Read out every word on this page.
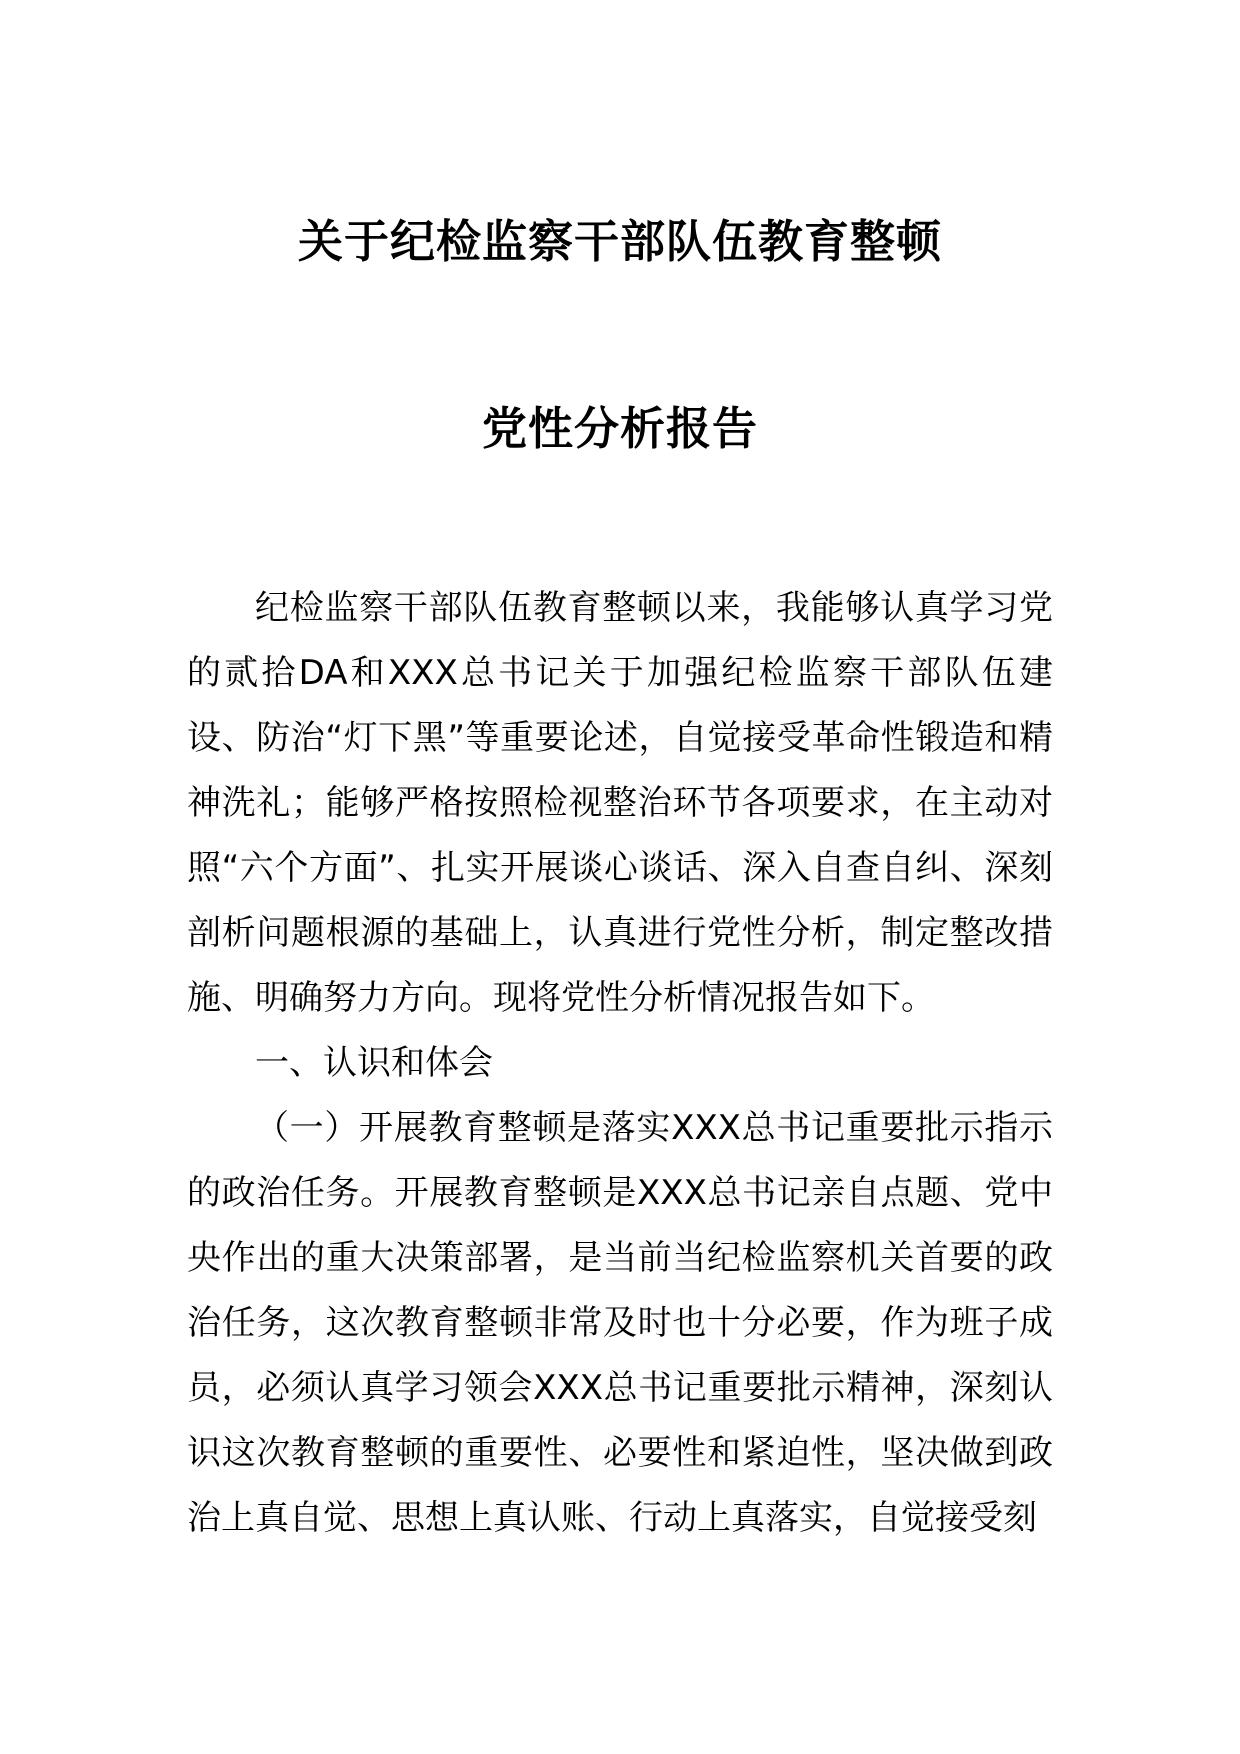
关于纪检监察干部队伍教育整顿
党性分析报告

纪检监察干部队伍教育整顿以来，我能够认真学习党的贰拾DA和XXX总书记关于加强纪检监察干部队伍建设、防治“灯下黑”等重要论述，自觉接受革命性锻造和精神洗礼；能够严格按照检视整治环节各项要求，在主动对照“六个方面”、扎实开展谈心谈话、深入自查自纠、深刻剖析问题根源的基础上，认真进行党性分析，制定整改措施、明确努力方向。现将党性分析情况报告如下。

一、认识和体会

（一）开展教育整顿是落实XXX总书记重要批示指示的政治任务。开展教育整顿是XXX总书记亲自点题、党中央作出的重大决策部署，是当前当纪检监察机关首要的政治任务，这次教育整顿非常及时也十分必要，作为班子成员，必须认真学习领会XXX总书记重要批示精神，深刻认识这次教育整顿的重要性、必要性和紧迫性，坚决做到政治上真自觉、思想上真认账、行动上真落实，自觉接受刻
